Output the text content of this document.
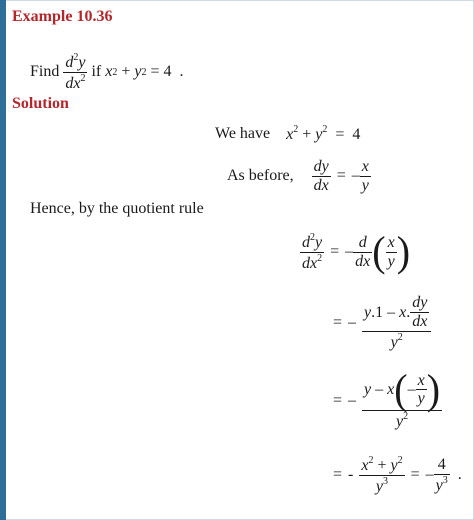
Example 10.36
Find
$\frac{d^2y}{dx^2}$ if x 2 + y 2 = 4  .
Solution
We have $x^2 + y^2 = 4$
As before, $\frac{dy}{dx}$ = – $\frac{x}{y}$
Hence, by the quotient rule
$\frac{d^2y}{dx^2}$ = – $\frac{d}{dx}$ ( $\frac{x}{y}$ )
= – $\frac{y .1 - x . \frac{dy}{dx}}{y^2}$
= – $\frac{y - x ( - \frac{x}{y} )}{y^2}$
= - $\frac{x^2 + y^2}{y^3}$ = – $\frac{4}{y^3}$ .
